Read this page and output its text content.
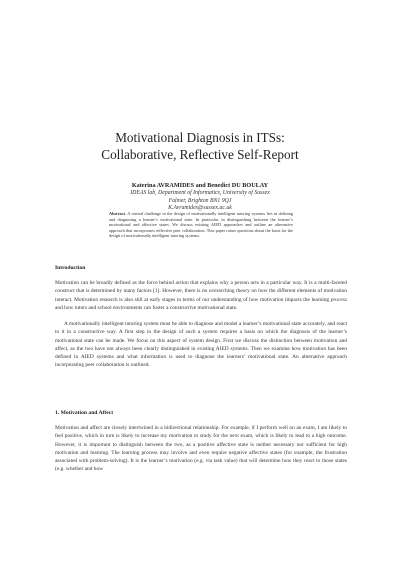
Motivational Diagnosis in ITSs:
Collaborative, Reflective Self-Report
Katerina AVRAMIDES and Benedict DU BOULAY
IDEAS lab, Department of Informatics, University of Sussex
Falmer, Brighton BN1 9QJ
K.Avramides@sussex.ac.uk
Abstract. A central challenge in the design of motivationally intelligent tutoring systems lies in defining and diagnosing a learner’s motivational state. In particular, in distinguishing between the learner’s motivational and affective states. We discuss existing AIED approaches and outline an alternative approach that incorporates reflective peer collaboration. This paper raises questions about the basis for the design of motivationally intelligent tutoring systems.
Introduction
Motivation can be broadly defined as the force behind action that explains why a person acts in a particular way. It is a multi-faceted construct that is determined by many factors [1]. However, there is no overarching theory on how the different elements of motivation interact. Motivation research is also still at early stages in terms of our understanding of how motivation impacts the learning process and how tutors and school environments can foster a constructive motivational state.
A motivationally intelligent tutoring system must be able to diagnose and model a learner’s motivational state accurately, and react to it in a constructive way. A first step in the design of such a system requires a basis on which the diagnosis of the learner’s motivational state can be made. We focus on this aspect of system design. First we discuss the distinction between motivation and affect, as the two have not always been clearly distinguished in existing AIED systems. Then we examine how motivation has been defined in AIED systems and what information is used to diagnose the learners’ motivational state. An alternative approach incorporating peer collaboration is outlined.
1. Motivation and Affect
Motivation and affect are closely intertwined in a bidirectional relationship. For example, if I perform well on an exam, I am likely to feel positive, which in turn is likely to increase my motivation to study for the next exam, which is likely to lead to a high outcome. However, it is important to distinguish between the two, as a positive affective state is neither necessary nor sufficient for high motivation and learning. The learning process may involve and even require negative affective states (for example, the frustration associated with problem-solving). It is the learner’s motivation (e.g. via task value) that will determine how they react to those states (e.g. whether and how
